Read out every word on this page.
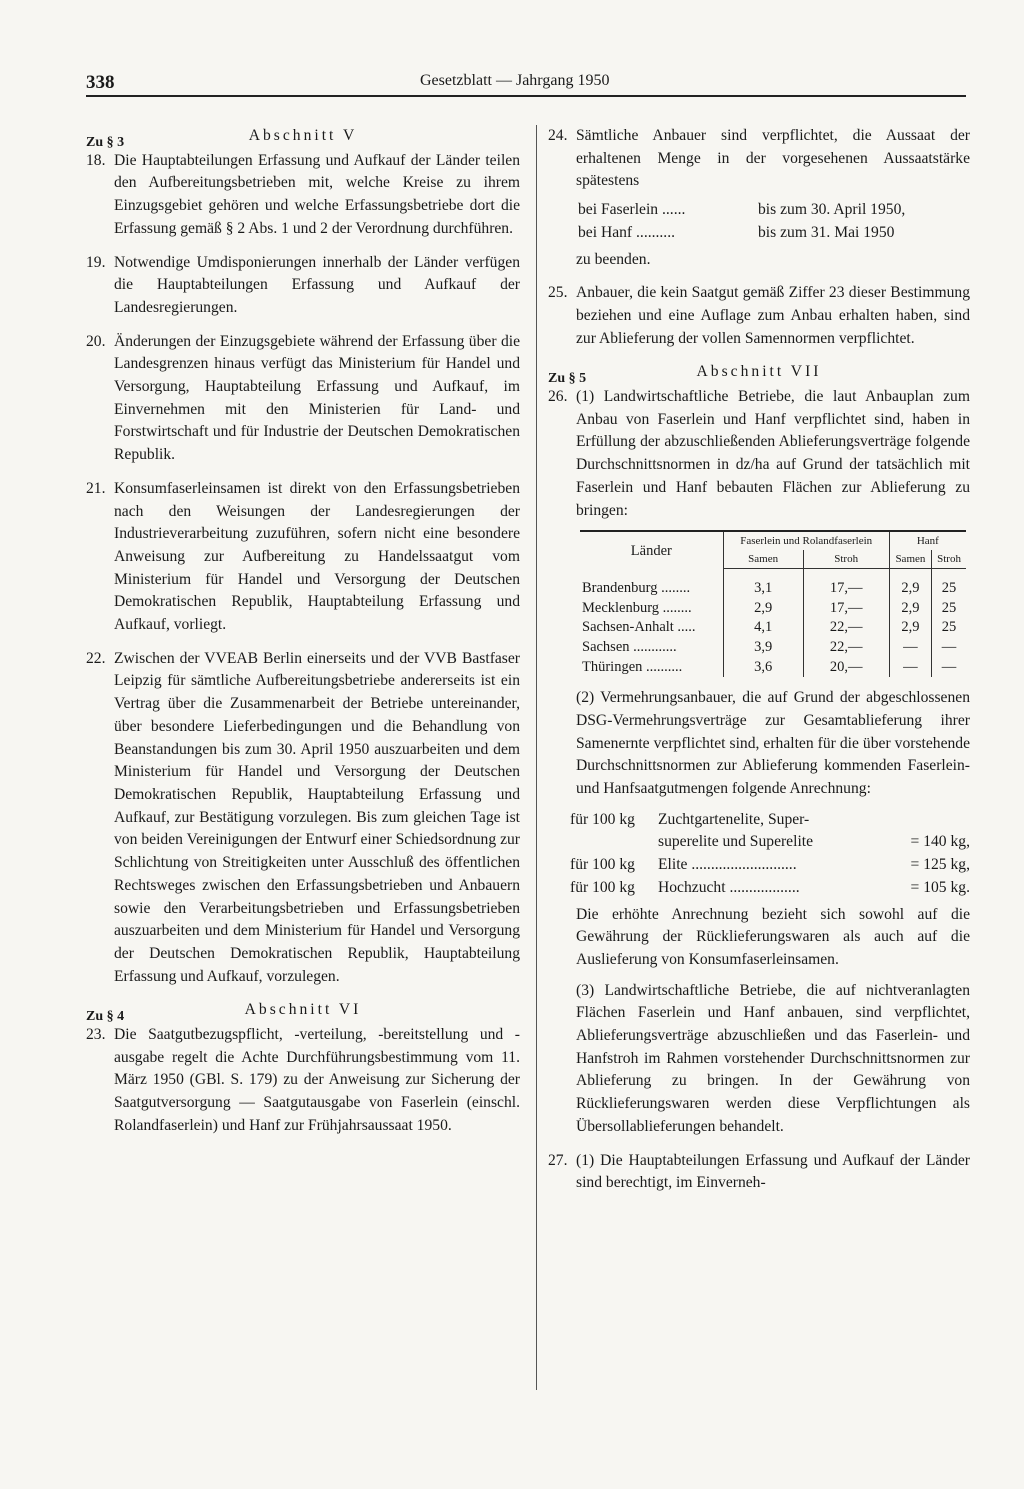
338	Gesetzblatt — Jahrgang 1950
Zu § 3	Abschnitt V
18. Die Hauptabteilungen Erfassung und Aufkauf der Länder teilen den Aufbereitungsbetrieben mit, welche Kreise zu ihrem Einzugsgebiet gehören und welche Erfassungsbetriebe dort die Erfassung gemäß § 2 Abs. 1 und 2 der Verordnung durchführen.
19. Notwendige Umdisponierungen innerhalb der Länder verfügen die Hauptabteilungen Erfassung und Aufkauf der Landesregierungen.
20. Änderungen der Einzugsgebiete während der Erfassung über die Landesgrenzen hinaus verfügt das Ministerium für Handel und Versorgung, Hauptabteilung Erfassung und Aufkauf, im Einvernehmen mit den Ministerien für Land- und Forstwirtschaft und für Industrie der Deutschen Demokratischen Republik.
21. Konsumfaserleinsamen ist direkt von den Erfassungsbetrieben nach den Weisungen der Landesregierungen der Industrieverarbeitung zuzuführen, sofern nicht eine besondere Anweisung zur Aufbereitung zu Handelssaatgut vom Ministerium für Handel und Versorgung der Deutschen Demokratischen Republik, Hauptabteilung Erfassung und Aufkauf, vorliegt.
22. Zwischen der VVEAB Berlin einerseits und der VVB Bastfaser Leipzig für sämtliche Aufbereitungsbetriebe andererseits ist ein Vertrag über die Zusammenarbeit der Betriebe untereinander, über besondere Lieferbedingungen und die Behandlung von Beanstandungen bis zum 30. April 1950 auszuarbeiten und dem Ministerium für Handel und Versorgung der Deutschen Demokratischen Republik, Hauptabteilung Erfassung und Aufkauf, zur Bestätigung vorzulegen. Bis zum gleichen Tage ist von beiden Vereinigungen der Entwurf einer Schiedsordnung zur Schlichtung von Streitigkeiten unter Ausschluß des öffentlichen Rechtsweges zwischen den Erfassungsbetrieben und Anbauern sowie den Verarbeitungsbetrieben und Erfassungsbetrieben auszuarbeiten und dem Ministerium für Handel und Versorgung der Deutschen Demokratischen Republik, Hauptabteilung Erfassung und Aufkauf, vorzulegen.
Zu § 4	Abschnitt VI
23. Die Saatgutbezugspflicht, -verteilung, -bereitstellung und -ausgabe regelt die Achte Durchführungsbestimmung vom 11. März 1950 (GBl. S. 179) zu der Anweisung zur Sicherung der Saatgutversorgung — Saatgutausgabe von Faserlein (einschl. Rolandfaserlein) und Hanf zur Frühjahrsaussaat 1950.
24. Sämtliche Anbauer sind verpflichtet, die Aussaat der erhaltenen Menge in der vorgesehenen Aussaatstärke spätestens
bei Faserlein ......	bis zum 30. April 1950,
bei Hanf ..........	bis zum 31. Mai 1950
zu beenden.
25. Anbauer, die kein Saatgut gemäß Ziffer 23 dieser Bestimmung beziehen und eine Auflage zum Anbau erhalten haben, sind zur Ablieferung der vollen Samennormen verpflichtet.
Zu § 5	Abschnitt VII
26. (1) Landwirtschaftliche Betriebe, die laut Anbauplan zum Anbau von Faserlein und Hanf verpflichtet sind, haben in Erfüllung der abzuschließenden Ablieferungsverträge folgende Durchschnittsnormen in dz/ha auf Grund der tatsächlich mit Faserlein und Hanf bebauten Flächen zur Ablieferung zu bringen:
Länder	Faserlein und Rolandfaserlein		Hanf	
	Samen	Stroh	Samen	Stroh
Brandenburg ........	3,1	17,—	2,9	25
Mecklenburg ........	2,9	17,—	2,9	25
Sachsen-Anhalt .....	4,1	22,—	2,9	25
Sachsen ............	3,9	22,—	—	—
Thüringen ..........	3,6	20,—	—	—
(2) Vermehrungsanbauer, die auf Grund der abgeschlossenen DSG-Vermehrungsverträge zur Gesamtablieferung ihrer Samenernte verpflichtet sind, erhalten für die über vorstehende Durchschnittsnormen zur Ablieferung kommenden Faserlein- und Hanfsaatgutmengen folgende Anrechnung:
für 100 kg	Zuchtgartenelite, Super-
superelite und Superelite	= 140 kg,
für 100 kg	Elite ...........................	= 125 kg,
für 100 kg	Hochzucht ..................	= 105 kg.
Die erhöhte Anrechnung bezieht sich sowohl auf die Gewährung der Rücklieferungswaren als auch auf die Auslieferung von Konsumfaserleinsamen.
(3) Landwirtschaftliche Betriebe, die auf nichtveranlagten Flächen Faserlein und Hanf anbauen, sind verpflichtet, Ablieferungsverträge abzuschließen und das Faserlein- und Hanfstroh im Rahmen vorstehender Durchschnittsnormen zur Ablieferung zu bringen. In der Gewährung von Rücklieferungswaren werden diese Verpflichtungen als Übersollablieferungen behandelt.
27. (1) Die Hauptabteilungen Erfassung und Aufkauf der Länder sind berechtigt, im Einverneh-
